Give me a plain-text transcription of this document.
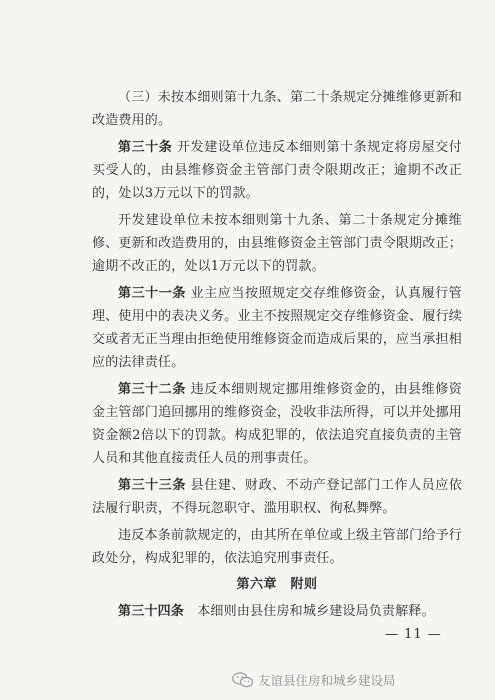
（三）未按本细则第十九条、第二十条规定分摊维修更新和改造费用的。

第三十条 开发建设单位违反本细则第十条规定将房屋交付买受人的，由县维修资金主管部门责令限期改正；逾期不改正的，处以3万元以下的罚款。

开发建设单位未按本细则第十九条、第二十条规定分摊维修、更新和改造费用的，由县维修资金主管部门责令限期改正；逾期不改正的，处以1万元以下的罚款。

第三十一条 业主应当按照规定交存维修资金，认真履行管理、使用中的表决义务。业主不按照规定交存维修资金、履行续交或者无正当理由拒绝使用维修资金而造成后果的，应当承担相应的法律责任。

第三十二条 违反本细则规定挪用维修资金的，由县维修资金主管部门追回挪用的维修资金，没收非法所得，可以并处挪用资金额2倍以下的罚款。构成犯罪的，依法追究直接负责的主管人员和其他直接责任人员的刑事责任。

第三十三条 县住建、财政、不动产登记部门工作人员应依法履行职责，不得玩忽职守、滥用职权、徇私舞弊。

违反本条前款规定的，由其所在单位或上级主管部门给予行政处分，构成犯罪的，依法追究刑事责任。

第六章　附则

第三十四条　本细则由县住房和城乡建设局负责解释。

— 11 —
友谊县住房和城乡建设局
